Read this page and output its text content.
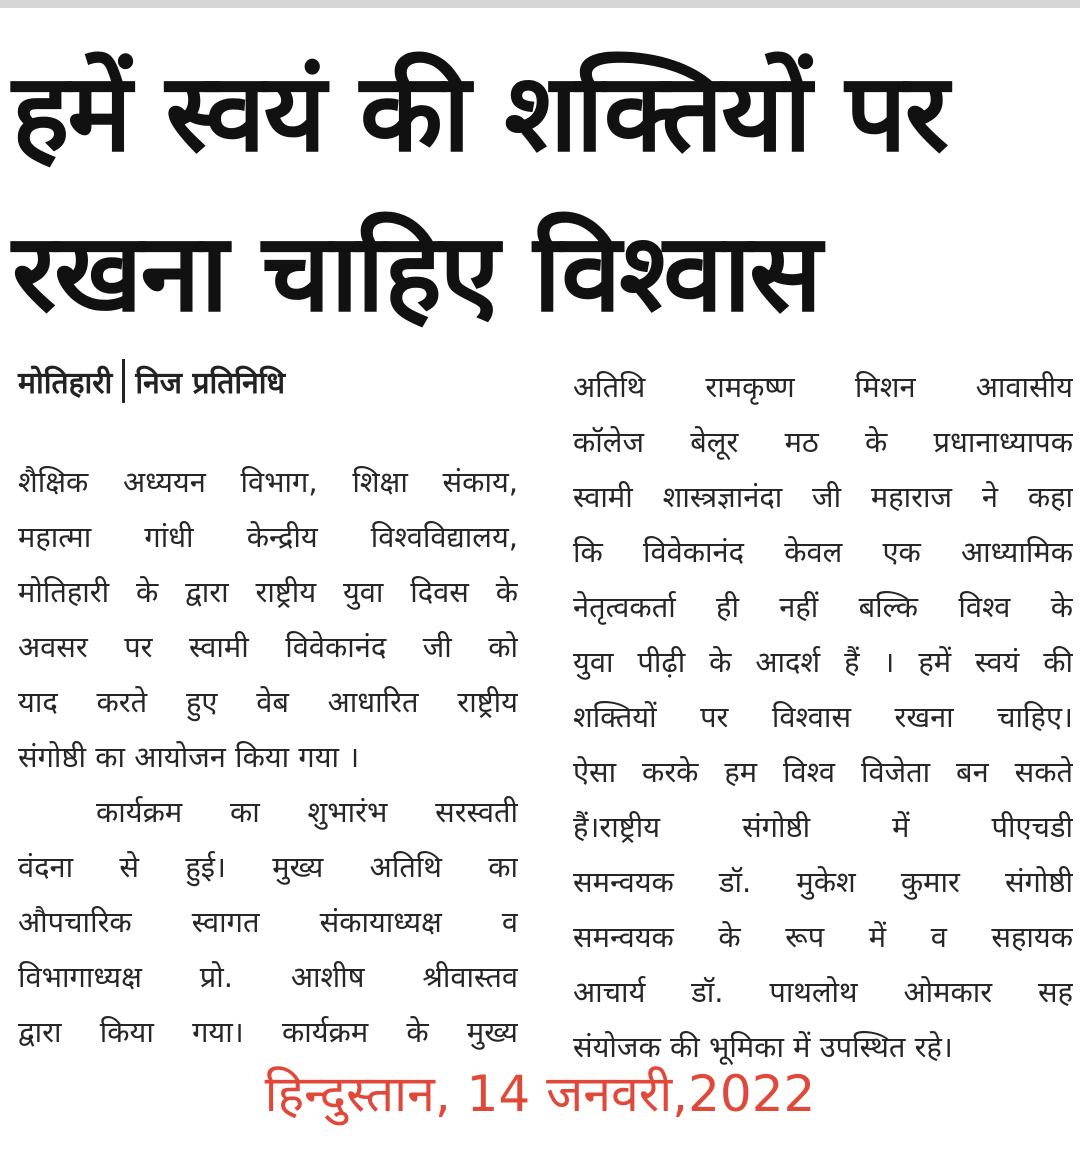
हमें स्वयं की शक्तियों पर रखना चाहिए विश्वास
मोतिहारी निज प्रतिनिधि
शैक्षिक अध्ययन विभाग, शिक्षा संकाय,
महात्मा गांधी केन्द्रीय विश्वविद्यालय,
मोतिहारी के द्वारा राष्ट्रीय युवा दिवस के
अवसर पर स्वामी विवेकानंद जी को
याद करते हुए वेब आधारित राष्ट्रीय
संगोष्ठी का आयोजन किया गया ।
कार्यक्रम का शुभारंभ सरस्वती
वंदना से हुई। मुख्य अतिथि का
औपचारिक स्वागत संकायाध्यक्ष व
विभागाध्यक्ष प्रो. आशीष श्रीवास्तव
द्वारा किया गया। कार्यक्रम के मुख्य
अतिथि रामकृष्ण मिशन आवासीय
कॉलेज बेलूर मठ के प्रधानाध्यापक
स्वामी शास्त्रज्ञानंदा जी महाराज ने कहा
कि विवेकानंद केवल एक आध्यामिक
नेतृत्वकर्ता ही नहीं बल्कि विश्व के
युवा पीढ़ी के आदर्श हैं । हमें स्वयं की
शक्तियों पर विश्वास रखना चाहिए।
ऐसा करके हम विश्व विजेता बन सकते
हैं।राष्ट्रीय संगोष्ठी में पीएचडी
समन्वयक डॉ. मुकेश कुमार संगोष्ठी
समन्वयक के रूप में व सहायक
आचार्य डॉ. पाथलोथ ओमकार सह
संयोजक की भूमिका में उपस्थित रहे।
हिन्दुस्तान, 14 जनवरी,2022
